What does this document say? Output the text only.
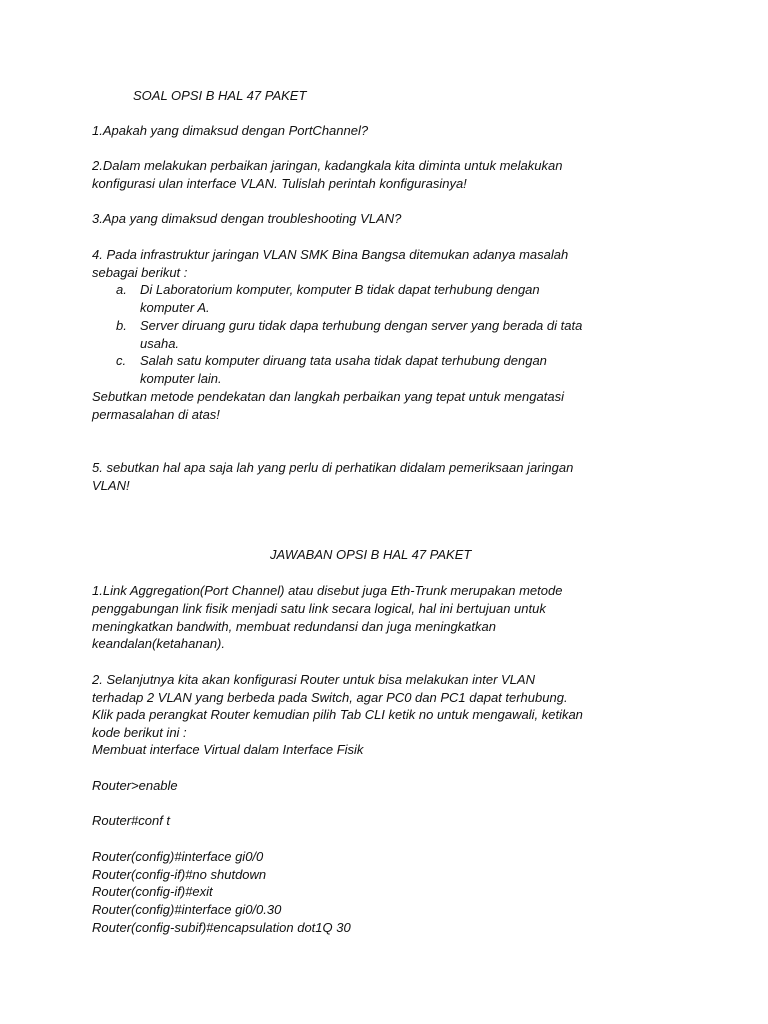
SOAL OPSI B HAL 47 PAKET

1.Apakah yang dimaksud dengan PortChannel?

2.Dalam melakukan perbaikan jaringan, kadangkala kita diminta untuk melakukan

konfigurasi ulan interface VLAN. Tulislah perintah konfigurasinya!

3.Apa yang dimaksud dengan troubleshooting VLAN?

4. Pada infrastruktur jaringan VLAN SMK Bina Bangsa ditemukan adanya masalah

sebagai berikut :

a. Di Laboratorium komputer, komputer B tidak dapat terhubung dengan

komputer A.

b. Server diruang guru tidak dapa terhubung dengan server yang berada di tata

usaha.

c. Salah satu komputer diruang tata usaha tidak dapat terhubung dengan

komputer lain.

Sebutkan metode pendekatan dan langkah perbaikan yang tepat untuk mengatasi

permasalahan di atas!

5. sebutkan hal apa saja lah yang perlu di perhatikan didalam pemeriksaan jaringan

VLAN!

JAWABAN OPSI B HAL 47 PAKET

1.Link Aggregation(Port Channel) atau disebut juga Eth-Trunk merupakan metode

penggabungan link fisik menjadi satu link secara logical, hal ini bertujuan untuk

meningkatkan bandwith, membuat redundansi dan juga meningkatkan

keandalan(ketahanan).

2. Selanjutnya kita akan konfigurasi Router untuk bisa melakukan inter VLAN

terhadap 2 VLAN yang berbeda pada Switch, agar PC0 dan PC1 dapat terhubung.

Klik pada perangkat Router kemudian pilih Tab CLI ketik no untuk mengawali, ketikan

kode berikut ini :

Membuat interface Virtual dalam Interface Fisik

Router>enable

Router#conf t

Router(config)#interface gi0/0

Router(config-if)#no shutdown

Router(config-if)#exit

Router(config)#interface gi0/0.30

Router(config-subif)#encapsulation dot1Q 30
